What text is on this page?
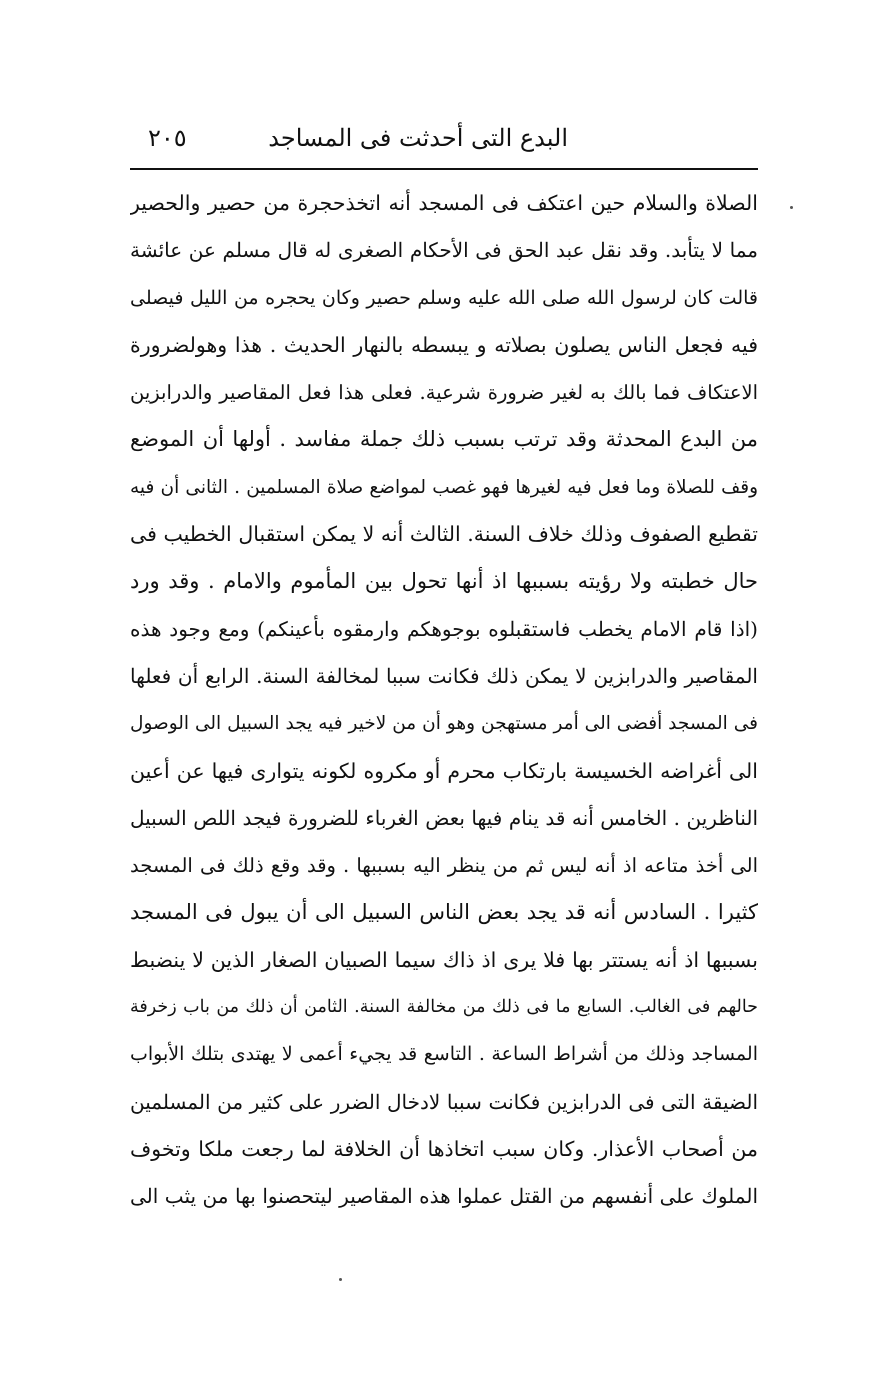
البدع التى أحدثت فى المساجد
٢٠٥
الصلاة والسلام حين اعتكف فى المسجد أنه اتخذحجرة من حصير والحصير
مما لا يتأبد. وقد نقل عبد الحق فى الأحكام الصغرى له قال مسلم عن عائشة
قالت كان لرسول الله صلى الله عليه وسلم حصير وكان يحجره من الليل فيصلى
فيه فجعل الناس يصلون بصلاته و يبسطه بالنهار الحديث . هذا وهولضرورة
الاعتكاف فما بالك به لغير ضرورة شرعية. فعلى هذا فعل المقاصير والدرابزين
من البدع المحدثة وقد ترتب بسبب ذلك جملة مفاسد . أولها أن الموضع
وقف للصلاة وما فعل فيه لغيرها فهو غصب لمواضع صلاة المسلمين . الثانى أن فيه
تقطيع الصفوف وذلك خلاف السنة. الثالث أنه لا يمكن استقبال الخطيب فى
حال خطبته ولا رؤيته بسببها اذ أنها تحول بين المأموم والامام . وقد ورد
(اذا قام الامام يخطب فاستقبلوه بوجوهكم وارمقوه بأعينكم) ومع وجود هذه
المقاصير والدرابزين لا يمكن ذلك فكانت سببا لمخالفة السنة. الرابع أن فعلها
فى المسجد أفضى الى أمر مستهجن وهو أن من لاخير فيه يجد السبيل الى الوصول
الى أغراضه الخسيسة بارتكاب محرم أو مكروه لكونه يتوارى فيها عن أعين
الناظرين . الخامس أنه قد ينام فيها بعض الغرباء للضرورة فيجد اللص السبيل
الى أخذ متاعه اذ أنه ليس ثم من ينظر اليه بسببها . وقد وقع ذلك فى المسجد
كثيرا . السادس أنه قد يجد بعض الناس السبيل الى أن يبول فى المسجد
بسببها اذ أنه يستتر بها فلا يرى اذ ذاك سيما الصبيان الصغار الذين لا ينضبط
حالهم فى الغالب. السابع ما فى ذلك من مخالفة السنة. الثامن أن ذلك من باب زخرفة
المساجد وذلك من أشراط الساعة . التاسع قد يجيء أعمى لا يهتدى بتلك الأبواب
الضيقة التى فى الدرابزين فكانت سببا لادخال الضرر على كثير من المسلمين
من أصحاب الأعذار. وكان سبب اتخاذها أن الخلافة لما رجعت ملكا وتخوف
الملوك على أنفسهم من القتل عملوا هذه المقاصير ليتحصنوا بها من يثب الى
